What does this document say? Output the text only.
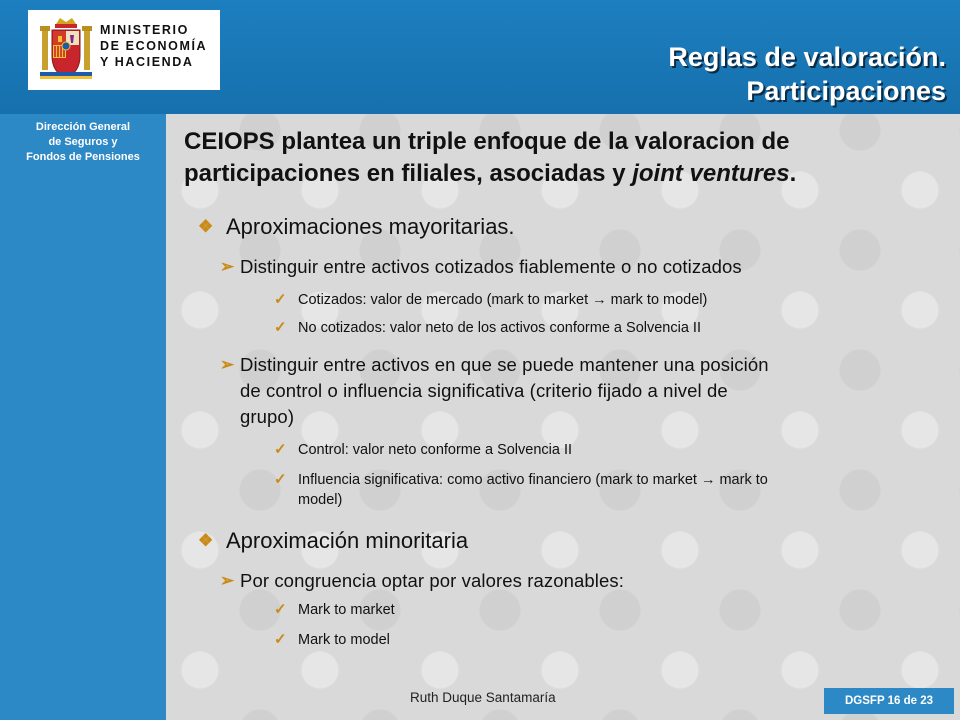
MINISTERIO
DE ECONOMÍA
Y HACIENDA	Reglas de valoración.
Participaciones
Dirección General
de Seguros y
Fondos de Pensiones
CEIOPS plantea un triple enfoque de la valoracion de
participaciones en filiales, asociadas y joint ventures.
❖ Aproximaciones mayoritarias.
➢ Distinguir entre activos cotizados fiablemente o no cotizados
✓ Cotizados: valor de mercado (mark to market → mark to model)
✓ No cotizados: valor neto de los activos conforme a Solvencia II
➢ Distinguir entre activos en que se puede mantener una posición
de control o influencia significativa (criterio fijado a nivel de
grupo)
✓ Control: valor neto conforme a Solvencia II
✓ Influencia significativa: como activo financiero (mark to market → mark to
model)
❖ Aproximación minoritaria
➢ Por congruencia optar por valores razonables:
✓ Mark to market
✓ Mark to model
Ruth Duque Santamaría	DGSFP 16 de 23
